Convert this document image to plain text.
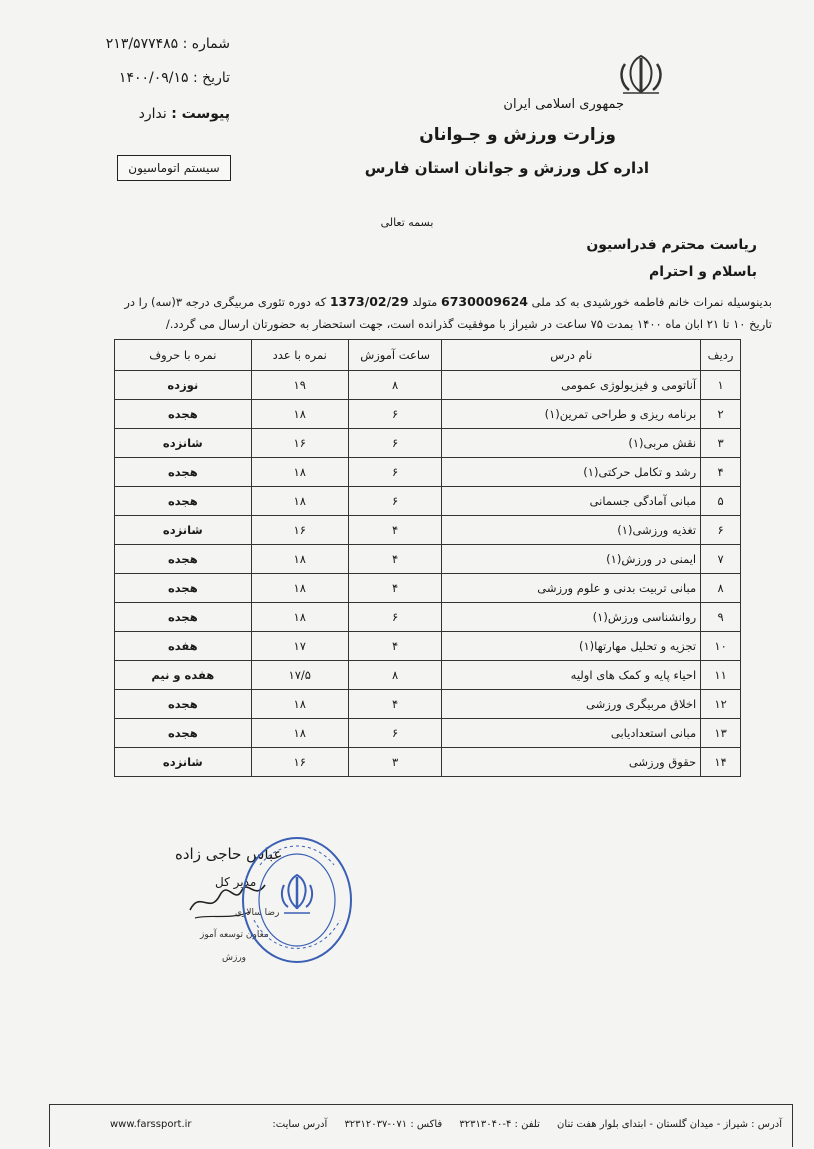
شماره : ۲۱۳/۵۷۷۴۸۵
تاریخ : ۱۴۰۰/۰۹/۱۵
پیوست : ندارد
سیستم اتوماسیون
جمهوری اسلامی ایران
وزارت ورزش و جـوانان
اداره کل ورزش و جوانان استان فارس
بسمه تعالی
ریاست محترم فدراسیون
باسلام و احترام
بدینوسیله نمرات خانم فاطمه خورشیدی به کد ملی 6730009624 متولد 1373/02/29 که دوره تئوری مربیگری درجه ۳(سه) را در
تاریخ ۱۰ تا ۲۱ ابان ماه ۱۴۰۰ بمدت ۷۵ ساعت در شیراز با موفقیت گذرانده است، جهت استحضار به حضورتان ارسال می گردد./
ردیف	نام درس	ساعت آموزش	نمره با عدد	نمره با حروف
۱	آناتومی و فیزیولوژی عمومی	۸	۱۹	نوزده
۲	برنامه ریزی و طراحی تمرین(۱)	۶	۱۸	هجده
۳	نقش مربی(۱)	۶	۱۶	شانزده
۴	رشد و تکامل حرکتی(۱)	۶	۱۸	هجده
۵	مبانی آمادگی جسمانی	۶	۱۸	هجده
۶	تغذیه ورزشی(۱)	۴	۱۶	شانزده
۷	ایمنی در ورزش(۱)	۴	۱۸	هجده
۸	مبانی تربیت بدنی و علوم ورزشی	۴	۱۸	هجده
۹	روانشناسی ورزش(۱)	۶	۱۸	هجده
۱۰	تجزیه و تحلیل مهارتها(۱)	۴	۱۷	هفده
۱۱	احیاء پایه و کمک های اولیه	۸	۱۷/۵	هفده و نیم
۱۲	اخلاق مربیگری ورزشی	۴	۱۸	هجده
۱۳	مبانی استعدادیابی	۶	۱۸	هجده
۱۴	حقوق ورزشی	۳	۱۶	شانزده
عباس حاجی زاده
مدیر کل
رضا سالاری
معاون توسعه آموز
ورزش
آدرس : شیراز - میدان گلستان - ابتدای بلوار هفت تنان تلفن : ۴-۳۲۳۱۳۰۴۰ فاکس : ۰۷۱-۳۲۳۱۲۰۳۷ آدرس سایت:
www.farssport.ir
